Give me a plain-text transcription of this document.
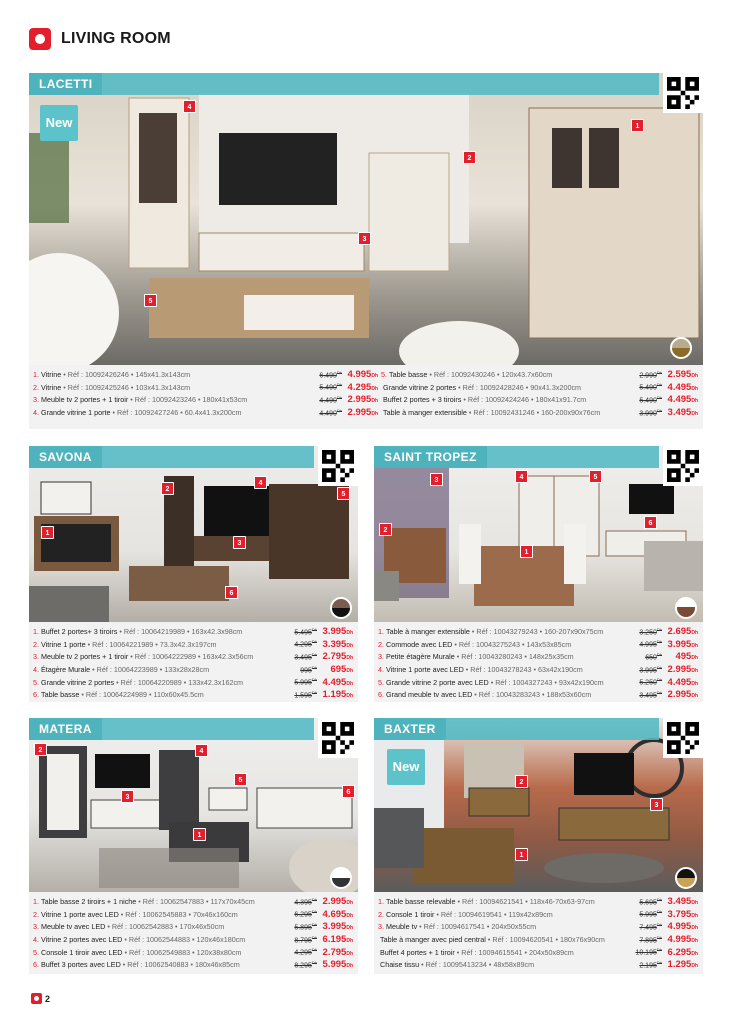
LIVING ROOM
LACETTI
New	1
2
3
4
5
1. Vitrine • Réf : 10092426246 • 145x41.3x143cm	$6.490^{Dh}$ 4.995Dh
2. Vitrine • Réf : 10092425246 • 103x41.3x143cm	$5.490^{Dh}$ 4.295Dh
3. Meuble tv 2 portes + 1 tiroir • Réf : 10092423246 • 180x41x53cm	$4.490^{Dh}$ 2.995Dh
4. Grande vitrine 1 porte • Réf : 10092427246 • 60.4x41.3x200cm	$4.490^{Dh}$ 2.995Dh
5. Table basse • Réf : 10092430246 • 120x43.7x60cm	$2.990^{Dh}$ 2.595Dh
Grande vitrine 2 portes • Réf : 10092428246 • 90x41.3x200cm	$5.490^{Dh}$ 4.495Dh
Buffet 2 portes + 3 tiroirs • Réf : 10092424246 • 180x41x91.7cm	$5.490^{Dh}$ 4.495Dh
Table à manger extensible • Réf : 10092431246 • 160-200x90x76cm	$3.990^{Dh}$ 3.495Dh
SAVONA
1
2
3
4
5
6
1. Buffet 2 portes+ 3 tiroirs • Réf : 10064219989 • 163x42.3x98cm	$5.495^{Dh}$ 3.995Dh
2. Vitrine 1 porte • Réf : 10064221989 • 73.3x42.3x197cm	$4.295^{Dh}$ 3.395Dh
3. Meuble tv 2 portes + 1 tiroir • Réf : 10064222989 • 163x42.3x56cm	$3.495^{Dh}$ 2.795Dh
4. Étagère Murale • Réf : 10064223989 • 133x28x28cm	$995^{Dh}$	695Dh
5. Grande vitrine 2 portes • Réf : 10064220989 • 133x42.3x162cm	$5.995^{Dh}$ 4.495Dh
6. Table basse • Réf : 10064224989 • 110x60x45.5cm	$1.595^{Dh}$ 1.195Dh
SAINT TROPEZ
1
2
3	4	5
6
1. Table à manger extensible • Réf : 10043279243 • 160-207x90x75cm	$3.250^{Dh}$ 2.695Dh
2. Commode avec LED • Réf : 10043275243 • 143x53x85cm	$4.995^{Dh}$ 3.995Dh
3. Petite étagère Murale • Réf : 10043280243 • 148x25x35cm	$650^{Dh}$	495Dh
4. Vitrine 1 porte avec LED • Réf : 10043278243 • 63x42x190cm	$3.995^{Dh}$ 2.995Dh
5. Grande vitrine 2 porte avec LED • Réf : 1004327243 • 93x42x190cm	$5.250^{Dh}$ 4.495Dh
6. Grand meuble tv avec LED • Réf : 10043283243 • 188x53x60cm	$3.495^{Dh}$ 2.995Dh
MATERA
1
2
3
4
5
6
1. Table basse 2 tiroirs + 1 niche • Réf : 10062547883 • 117x70x45cm	$4.395^{Dh}$ 2.995Dh
2. Vitrine 1 porte avec LED • Réf : 10062545883 • 70x46x160cm	$6.295^{Dh}$ 4.695Dh
3. Meuble tv avec LED • Réf : 10062542883 • 170x46x50cm	$5.895^{Dh}$ 3.995Dh
4. Vitrine 2 portes avec LED • Réf : 10062544883 • 120x46x180cm	$8.795^{Dh}$ 6.195Dh
5. Console 1 tiroir avec LED • Réf : 10062549883 • 120x38x80cm	$4.295^{Dh}$ 2.795Dh
6. Buffet 3 portes avec LED • Réf : 10062540883 • 180x46x85cm	$8.295^{Dh}$ 5.995Dh
BAXTER
New
1
2
3
1. Table basse relevable • Réf : 10094621541 • 118x46-70x63-97cm	$5.695^{Dh}$ 3.495Dh
2. Console 1 tiroir • Réf : 10094619541 • 119x42x89cm	$5.995^{Dh}$ 3.795Dh
3. Meuble tv • Réf : 10094617541 • 204x50x55cm	$7.495^{Dh}$ 4.995Dh
Table à manger avec pied central • Réf : 10094620541 • 180x76x90cm	$7.895^{Dh}$ 4.995Dh
Buffet 4 portes + 1 tiroir • Réf : 10094615541 • 204x50x89cm	$10.195^{Dh}$ 6.295Dh
Chaise tissu • Réf : 10095413234 • 48x58x89cm	$2.195^{Dh}$ 1.295Dh
2
